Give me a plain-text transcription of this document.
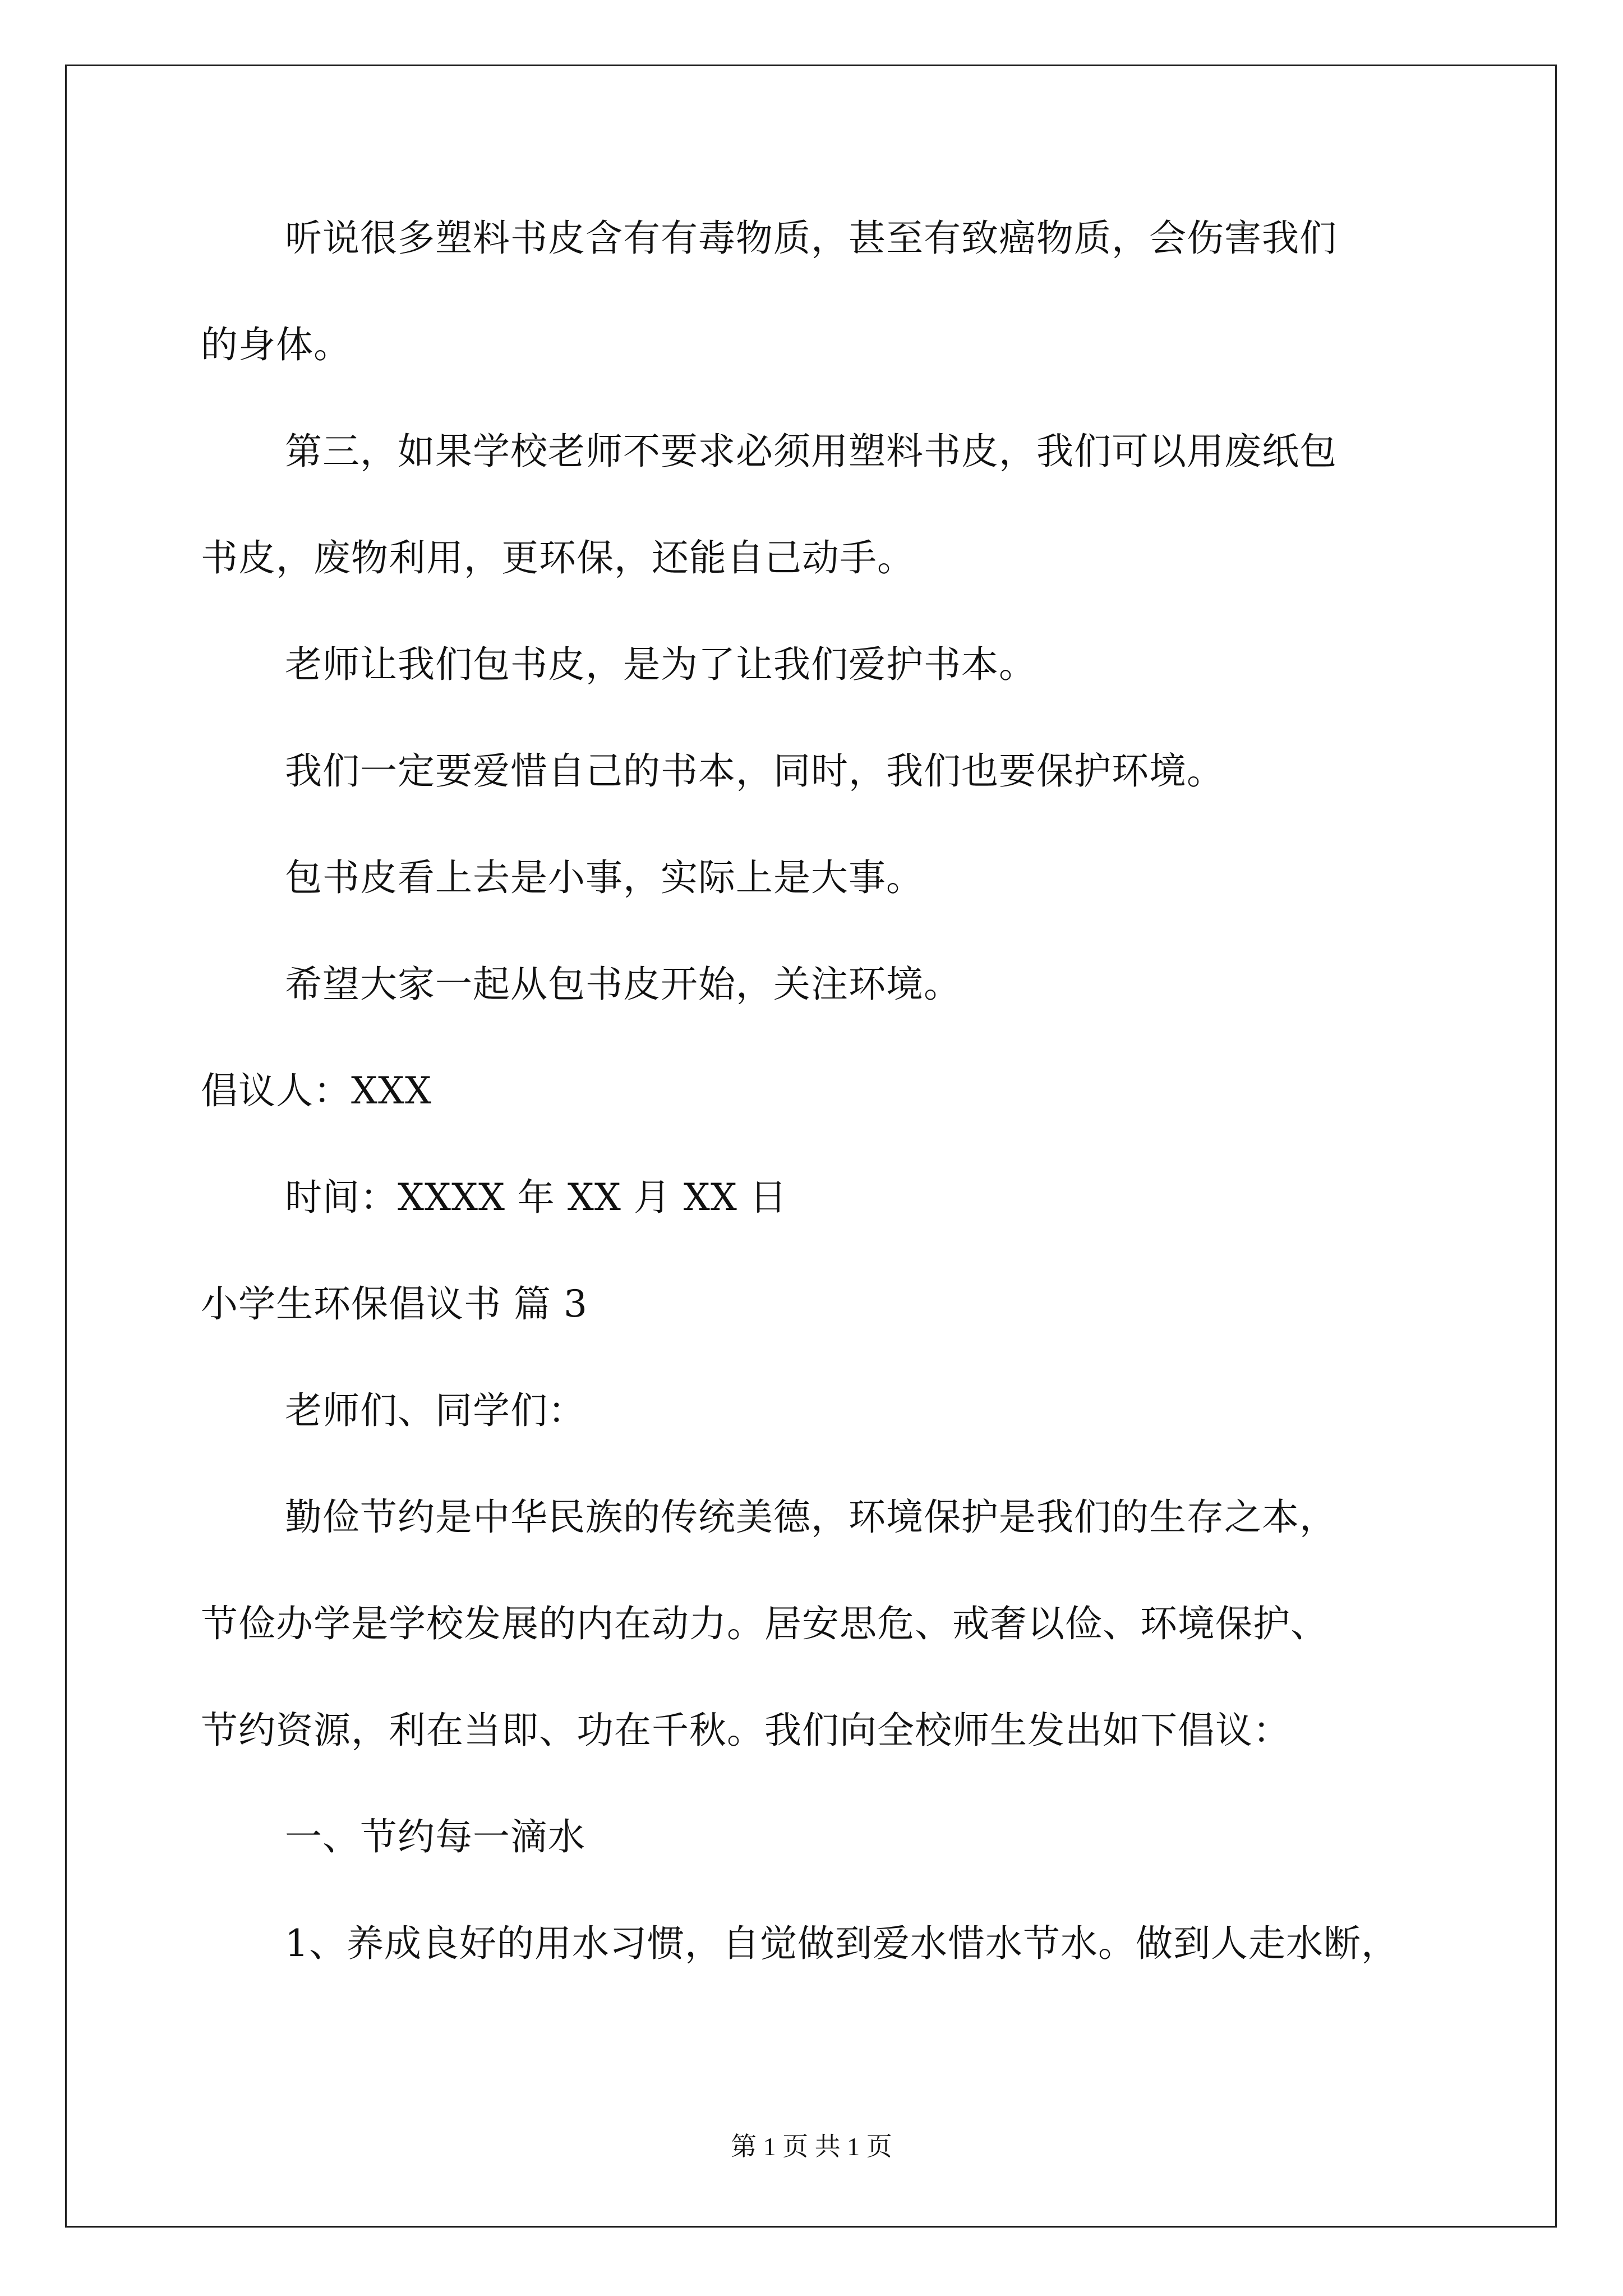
听说很多塑料书皮含有有毒物质，甚至有致癌物质，会伤害我们

的身体。

第三，如果学校老师不要求必须用塑料书皮，我们可以用废纸包

书皮，废物利用，更环保，还能自己动手。

老师让我们包书皮，是为了让我们爱护书本。

我们一定要爱惜自己的书本，同时，我们也要保护环境。

包书皮看上去是小事，实际上是大事。

希望大家一起从包书皮开始，关注环境。

倡议人：XXX

时间：XXXX 年 XX 月 XX 日

小学生环保倡议书 篇 3

老师们、同学们：

勤俭节约是中华民族的传统美德，环境保护是我们的生存之本，

节俭办学是学校发展的内在动力。居安思危、戒奢以俭、环境保护、

节约资源，利在当即、功在千秋。我们向全校师生发出如下倡议：

一、节约每一滴水

1、养成良好的用水习惯，自觉做到爱水惜水节水。做到人走水断，

第 1 页 共 1 页
